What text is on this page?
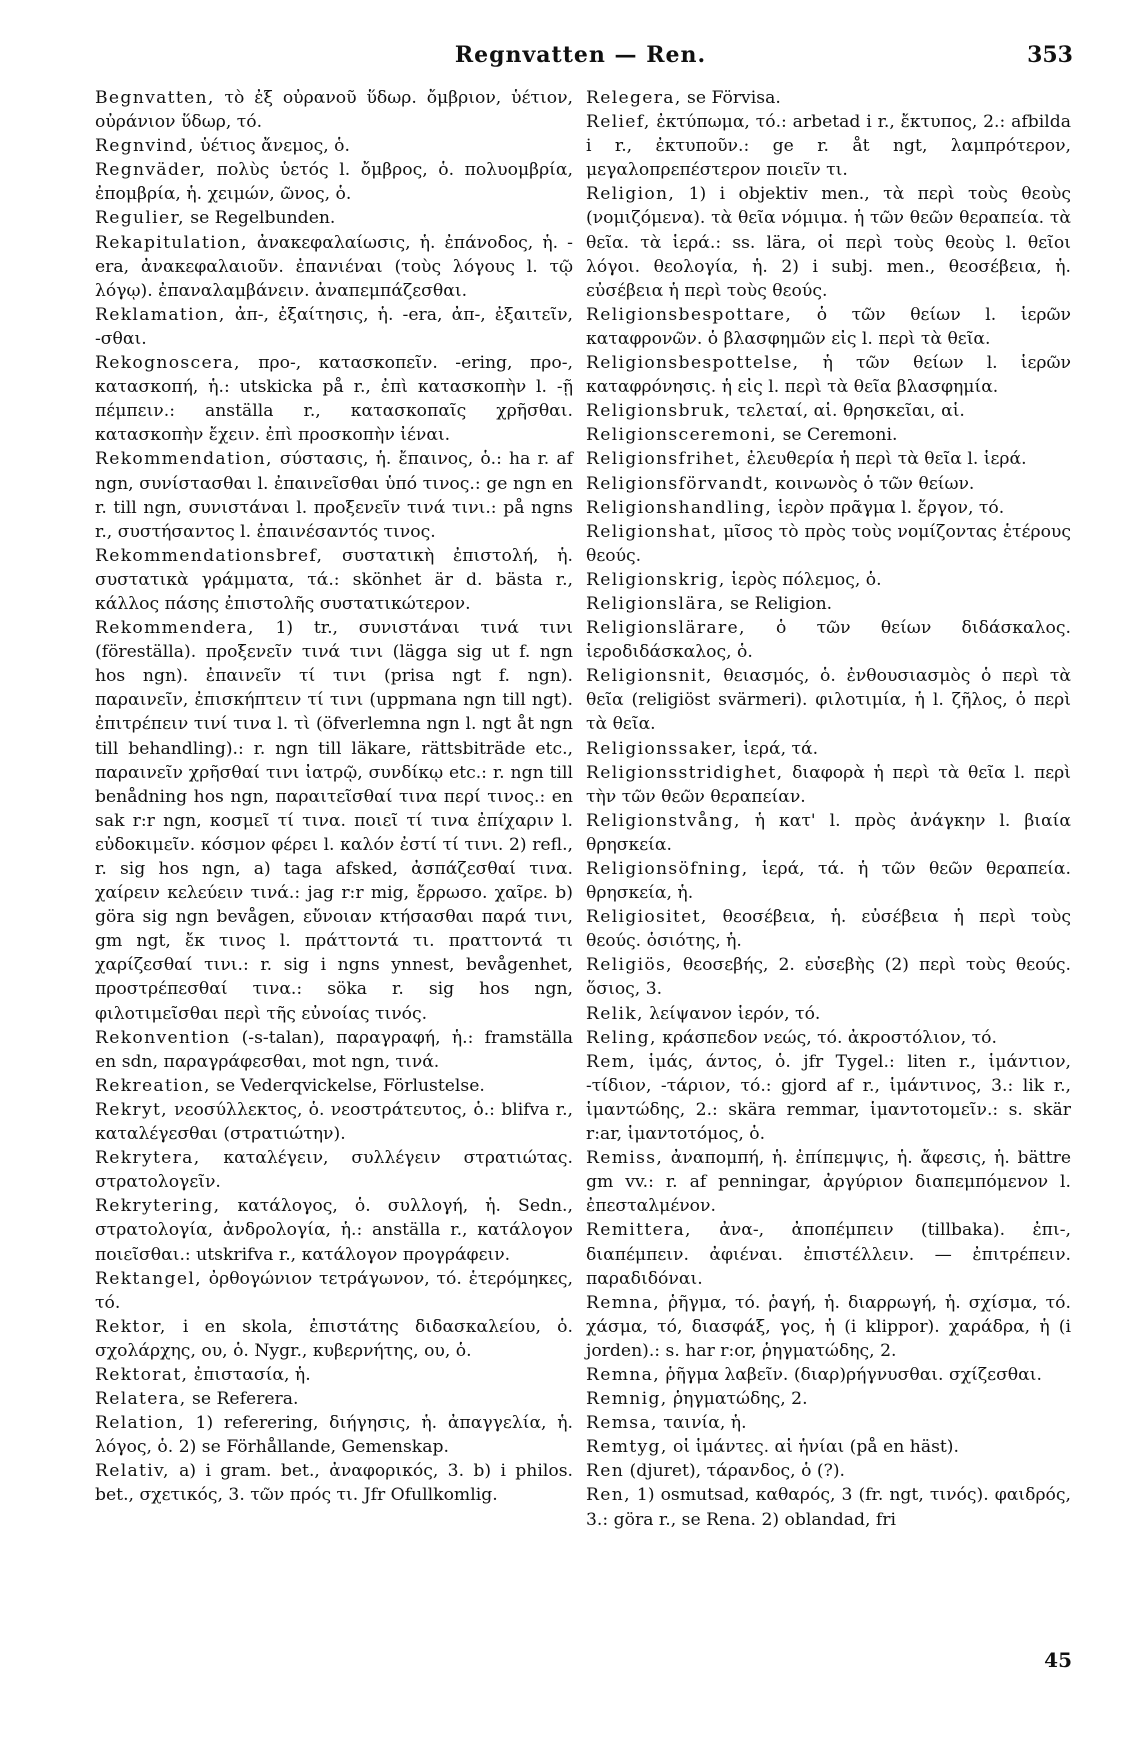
Regnvatten — Ren.	353

Begnvatten, τὸ ἐξ οὐρανοῦ ὕδωρ. ὄμβριον, ὑέτιον, οὐράνιον ὕδωρ, τό.

Regnvind, ὑέτιος ἄνεμος, ὁ.

Regnväder, πολὺς ὑετός l. ὄμβρος, ὁ. πολυομβρία, ἐπομβρία, ἡ. χειμών, ῶνος, ὁ.

Regulier, se Regelbunden.

Rekapitulation, ἀνακεφαλαίωσις, ἡ. ἐπάνοδος, ἡ. -era, ἀνακεφαλαιοῦν. ἐπανιέναι (τοὺς λόγους l. τῷ λόγῳ). ἐπαναλαμβάνειν. ἀναπεμπάζεσθαι.

Reklamation, ἀπ-, ἐξαίτησις, ἡ. -era, ἀπ-, ἐξαιτεῖν, -σθαι.

Rekognoscera, προ-, κατασκοπεῖν. -ering, προ-, κατασκοπή, ἡ.: utskicka på r., ἐπὶ κατασκοπὴν l. -ῇ πέμπειν.: anställa r., κατασκοπαῖς χρῆσθαι. κατασκοπὴν ἔχειν. ἐπὶ προσκοπὴν ἰέναι.

Rekommendation, σύστασις, ἡ. ἔπαινος, ὁ.: ha r. af ngn, συνίστασθαι l. ἐπαινεῖσθαι ὑπό τινος.: ge ngn en r. till ngn, συνιστάναι l. προξενεῖν τινά τινι.: på ngns r., συστήσαντος l. ἐπαινέσαντός τινος.

Rekommendationsbref, συστατικὴ ἐπιστολή, ἡ. συστατικὰ γράμματα, τά.: skönhet är d. bästa r., κάλλος πάσης ἐπιστολῆς συστατικώτερον.

Rekommendera, 1) tr., συνιστάναι τινά τινι (föreställa). προξενεῖν τινά τινι (lägga sig ut f. ngn hos ngn). ἐπαινεῖν τί τινι (prisa ngt f. ngn). παραινεῖν, ἐπισκήπτειν τί τινι (uppmana ngn till ngt). ἐπιτρέπειν τινί τινα l. τὶ (öfverlemna ngn l. ngt åt ngn till behandling).: r. ngn till läkare, rättsbiträde etc., παραινεῖν χρῆσθαί τινι ἰατρῷ, συνδίκῳ etc.: r. ngn till benådning hos ngn, παραιτεῖσθαί τινα περί τινος.: en sak r:r ngn, κοσμεῖ τί τινα. ποιεῖ τί τινα ἐπίχαριν l. εὐδοκιμεῖν. κόσμον φέρει l. καλόν ἐστί τί τινι. 2) refl., r. sig hos ngn, a) taga afsked, ἀσπάζεσθαί τινα. χαίρειν κελεύειν τινά.: jag r:r mig, ἔρρωσο. χαῖρε. b) göra sig ngn bevågen, εὔνοιαν κτήσασθαι παρά τινι, gm ngt, ἔκ τινος l. πράττοντά τι. πραττοντά τι χαρίζεσθαί τινι.: r. sig i ngns ynnest, bevågenhet, προστρέπεσθαί τινα.: söka r. sig hos ngn, φιλοτιμεῖσθαι περὶ τῆς εὐνοίας τινός.

Rekonvention (-s-talan), παραγραφή, ἡ.: framställa en sdn, παραγράφεσθαι, mot ngn, τινά.

Rekreation, se Vederqvickelse, Förlustelse.

Rekryt, νεοσύλλεκτος, ὁ. νεοστράτευτος, ὁ.: blifva r., καταλέγεσθαι (στρατιώτην).

Rekrytera, καταλέγειν, συλλέγειν στρατιώτας. στρατολογεῖν.

Rekrytering, κατάλογος, ὁ. συλλογή, ἡ. Sedn., στρατολογία, ἀνδρολογία, ἡ.: anställa r., κατάλογον ποιεῖσθαι.: utskrifva r., κατάλογον προγράφειν.

Rektangel, ὀρθογώνιον τετράγωνον, τό. ἑτερόμηκες, τό.

Rektor, i en skola, ἐπιστάτης διδασκαλείου, ὁ. σχολάρχης, ου, ὁ. Nygr., κυβερνήτης, ου, ὁ.

Rektorat, ἐπιστασία, ἡ.

Relatera, se Referera.

Relation, 1) referering, διήγησις, ἡ. ἀπαγγελία, ἡ. λόγος, ὁ. 2) se Förhållande, Gemenskap.

Relativ, a) i gram. bet., ἀναφορικός, 3. b) i philos. bet., σχετικός, 3. τῶν πρός τι. Jfr Ofullkomlig.

Relegera, se Förvisa.

Relief, ἐκτύπωμα, τό.: arbetad i r., ἔκτυπος, 2.: afbilda i r., ἐκτυποῦν.: ge r. åt ngt, λαμπρότερον, μεγαλοπρεπέστερον ποιεῖν τι.

Religion, 1) i objektiv men., τὰ περὶ τοὺς θεοὺς (νομιζόμενα). τὰ θεῖα νόμιμα. ἡ τῶν θεῶν θεραπεία. τὰ θεῖα. τὰ ἱερά.: ss. lära, οἱ περὶ τοὺς θεοὺς l. θεῖοι λόγοι. θεολογία, ἡ. 2) i subj. men., θεοσέβεια, ἡ. εὐσέβεια ἡ περὶ τοὺς θεούς.

Religionsbespottare, ὁ τῶν θείων l. ἱερῶν καταφρονῶν. ὁ βλασφημῶν εἰς l. περὶ τὰ θεῖα.

Religionsbespottelse, ἡ τῶν θείων l. ἱερῶν καταφρόνησις. ἡ εἰς l. περὶ τὰ θεῖα βλασφημία.

Religionsbruk, τελεταί, αἱ. θρησκεῖαι, αἱ.

Religionsceremoni, se Ceremoni.

Religionsfrihet, ἐλευθερία ἡ περὶ τὰ θεῖα l. ἱερά.

Religionsförvandt, κοινωνὸς ὁ τῶν θείων.

Religionshandling, ἱερὸν πρᾶγμα l. ἔργον, τό.

Religionshat, μῖσος τὸ πρὸς τοὺς νομίζοντας ἑτέρους θεούς.

Religionskrig, ἱερὸς πόλεμος, ὁ.

Religionslära, se Religion.

Religionslärare, ὁ τῶν θείων διδάσκαλος. ἱεροδιδάσκαλος, ὁ.

Religionsnit, θειασμός, ὁ. ἐνθουσιασμὸς ὁ περὶ τὰ θεῖα (religiöst svärmeri). φιλοτιμία, ἡ l. ζῆλος, ὁ περὶ τὰ θεῖα.

Religionssaker, ἱερά, τά.

Religionsstridighet, διαφορὰ ἡ περὶ τὰ θεῖα l. περὶ τὴν τῶν θεῶν θεραπείαν.

Religionstvång, ἡ κατ' l. πρὸς ἀνάγκην l. βιαία θρησκεία.

Religionsöfning, ἱερά, τά. ἡ τῶν θεῶν θεραπεία. θρησκεία, ἡ.

Religiositet, θεοσέβεια, ἡ. εὐσέβεια ἡ περὶ τοὺς θεούς. ὁσιότης, ἡ.

Religiös, θεοσεβής, 2. εὐσεβὴς (2) περὶ τοὺς θεούς. ὅσιος, 3.

Relik, λείψανον ἱερόν, τό.

Reling, κράσπεδον νεώς, τό. ἀκροστόλιον, τό.

Rem, ἱμάς, άντος, ὁ. jfr Tygel.: liten r., ἱμάντιον, -τίδιον, -τάριον, τό.: gjord af r., ἱμάντινος, 3.: lik r., ἱμαντώδης, 2.: skära remmar, ἱμαντοτομεῖν.: s. skär r:ar, ἱμαντοτόμος, ὁ.

Remiss, ἀναπομπή, ἡ. ἐπίπεμψις, ἡ. ἄφεσις, ἡ. bättre gm vv.: r. af penningar, ἀργύριον διαπεμπόμενον l. ἐπεσταλμένον.

Remittera, ἀνα-, ἀποπέμπειν (tillbaka). ἐπι-, διαπέμπειν. ἀφιέναι. ἐπιστέλλειν. — ἐπιτρέπειν. παραδιδόναι.

Remna, ῥῆγμα, τό. ῥαγή, ἡ. διαρρωγή, ἡ. σχίσμα, τό. χάσμα, τό, διασφάξ, γος, ἡ (i klippor). χαράδρα, ἡ (i jorden).: s. har r:or, ῥηγματώδης, 2.

Remna, ῥῆγμα λαβεῖν. (διαρ)ρήγνυσθαι. σχίζεσθαι.

Remnig, ῥηγματώδης, 2.

Remsa, ταινία, ἡ.

Remtyg, οἱ ἱμάντες. αἱ ἡνίαι (på en häst).

Ren (djuret), τάρανδος, ὁ (?).

Ren, 1) osmutsad, καθαρός, 3 (fr. ngt, τινός). φαιδρός, 3.: göra r., se Rena. 2) oblandad, fri

45
